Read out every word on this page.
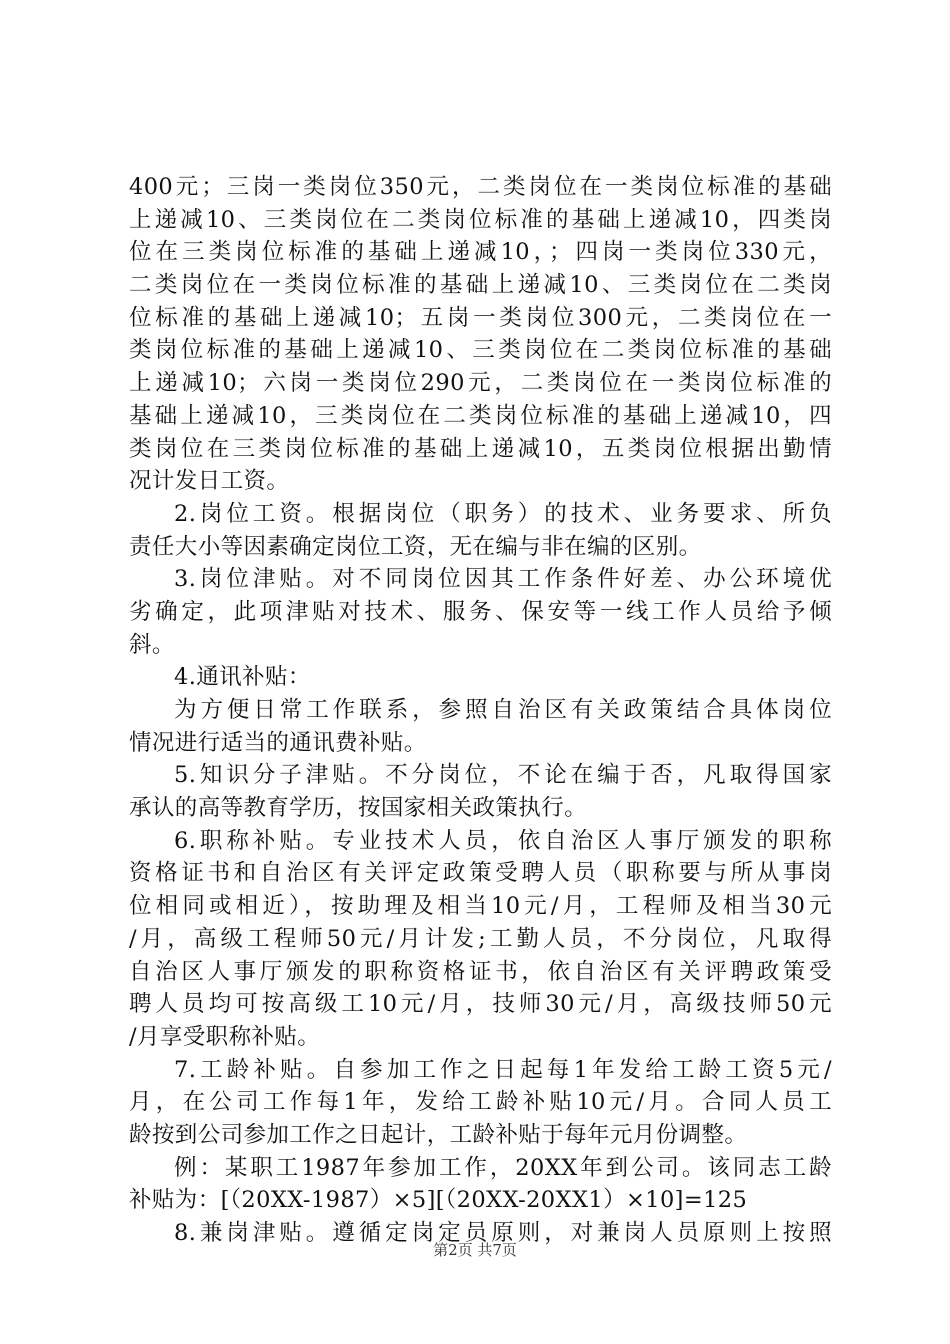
400元；三岗一类岗位350元，二类岗位在一类岗位标准的基础
上递减10、三类岗位在二类岗位标准的基础上递减10，四类岗
位在三类岗位标准的基础上递减10，；四岗一类岗位330元，
二类岗位在一类岗位标准的基础上递减10、三类岗位在二类岗
位标准的基础上递减10；五岗一类岗位300元，二类岗位在一
类岗位标准的基础上递减10、三类岗位在二类岗位标准的基础
上递减10；六岗一类岗位290元，二类岗位在一类岗位标准的
基础上递减10，三类岗位在二类岗位标准的基础上递减10，四
类岗位在三类岗位标准的基础上递减10，五类岗位根据出勤情
况计发日工资。
2.岗位工资。根据岗位（职务）的技术、业务要求、所负
责任大小等因素确定岗位工资，无在编与非在编的区别。
3.岗位津贴。对不同岗位因其工作条件好差、办公环境优
劣确定，此项津贴对技术、服务、保安等一线工作人员给予倾
斜。
4.通讯补贴：
为方便日常工作联系，参照自治区有关政策结合具体岗位
情况进行适当的通讯费补贴。
5.知识分子津贴。不分岗位，不论在编于否，凡取得国家
承认的高等教育学历，按国家相关政策执行。
6.职称补贴。专业技术人员，依自治区人事厅颁发的职称
资格证书和自治区有关评定政策受聘人员（职称要与所从事岗
位相同或相近），按助理及相当10元/月，工程师及相当30元
/月，高级工程师50元/月计发;工勤人员，不分岗位，凡取得
自治区人事厅颁发的职称资格证书，依自治区有关评聘政策受
聘人员均可按高级工10元/月，技师30元/月，高级技师50元
/月享受职称补贴。
7.工龄补贴。自参加工作之日起每1年发给工龄工资5元/
月，在公司工作每1年，发给工龄补贴10元/月。合同人员工
龄按到公司参加工作之日起计，工龄补贴于每年元月份调整。
例：某职工1987年参加工作，20XX年到公司。该同志工龄
补贴为：[（20XX-1987）×5][（20XX-20XX1）×10]=125
8.兼岗津贴。遵循定岗定员原则，对兼岗人员原则上按照
第2页 共7页
